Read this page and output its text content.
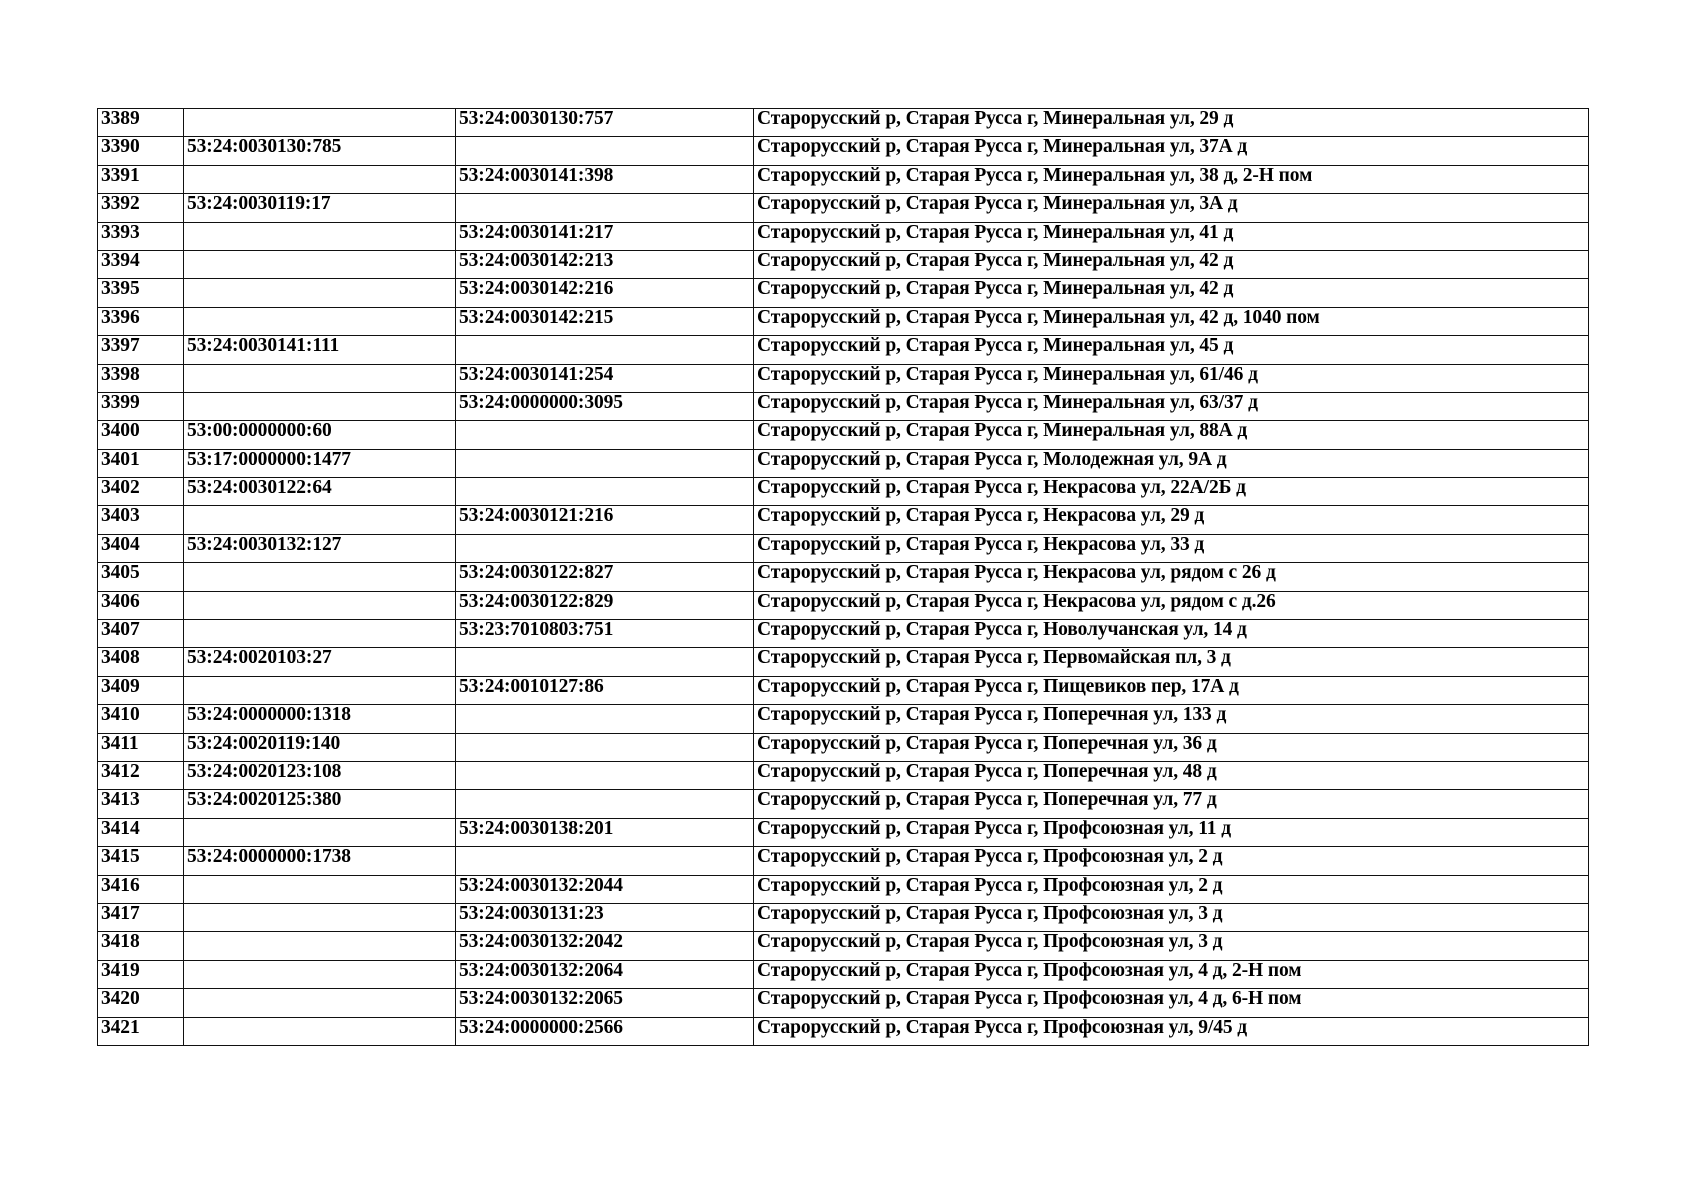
3389		53:24:0030130:757	Старорусский р, Старая Русса г, Минеральная ул, 29 д
3390	53:24:0030130:785		Старорусский р, Старая Русса г, Минеральная ул, 37А д
3391		53:24:0030141:398	Старорусский р, Старая Русса г, Минеральная ул, 38 д, 2-Н пом
3392	53:24:0030119:17		Старорусский р, Старая Русса г, Минеральная ул, 3А д
3393		53:24:0030141:217	Старорусский р, Старая Русса г, Минеральная ул, 41 д
3394		53:24:0030142:213	Старорусский р, Старая Русса г, Минеральная ул, 42 д
3395		53:24:0030142:216	Старорусский р, Старая Русса г, Минеральная ул, 42 д
3396		53:24:0030142:215	Старорусский р, Старая Русса г, Минеральная ул, 42 д, 1040 пом
3397	53:24:0030141:111		Старорусский р, Старая Русса г, Минеральная ул, 45 д
3398		53:24:0030141:254	Старорусский р, Старая Русса г, Минеральная ул, 61/46 д
3399		53:24:0000000:3095	Старорусский р, Старая Русса г, Минеральная ул, 63/37 д
3400	53:00:0000000:60		Старорусский р, Старая Русса г, Минеральная ул, 88А д
3401	53:17:0000000:1477		Старорусский р, Старая Русса г, Молодежная ул, 9А д
3402	53:24:0030122:64		Старорусский р, Старая Русса г, Некрасова ул, 22А/2Б д
3403		53:24:0030121:216	Старорусский р, Старая Русса г, Некрасова ул, 29 д
3404	53:24:0030132:127		Старорусский р, Старая Русса г, Некрасова ул, 33 д
3405		53:24:0030122:827	Старорусский р, Старая Русса г, Некрасова ул, рядом с 26 д
3406		53:24:0030122:829	Старорусский р, Старая Русса г, Некрасова ул, рядом с д.26
3407		53:23:7010803:751	Старорусский р, Старая Русса г, Новолучанская ул, 14 д
3408	53:24:0020103:27		Старорусский р, Старая Русса г, Первомайская пл, 3 д
3409		53:24:0010127:86	Старорусский р, Старая Русса г, Пищевиков пер, 17А д
3410	53:24:0000000:1318		Старорусский р, Старая Русса г, Поперечная ул, 133 д
3411	53:24:0020119:140		Старорусский р, Старая Русса г, Поперечная ул, 36 д
3412	53:24:0020123:108		Старорусский р, Старая Русса г, Поперечная ул, 48 д
3413	53:24:0020125:380		Старорусский р, Старая Русса г, Поперечная ул, 77 д
3414		53:24:0030138:201	Старорусский р, Старая Русса г, Профсоюзная ул, 11 д
3415	53:24:0000000:1738		Старорусский р, Старая Русса г, Профсоюзная ул, 2 д
3416		53:24:0030132:2044	Старорусский р, Старая Русса г, Профсоюзная ул, 2 д
3417		53:24:0030131:23	Старорусский р, Старая Русса г, Профсоюзная ул, 3 д
3418		53:24:0030132:2042	Старорусский р, Старая Русса г, Профсоюзная ул, 3 д
3419		53:24:0030132:2064	Старорусский р, Старая Русса г, Профсоюзная ул, 4 д, 2-Н пом
3420		53:24:0030132:2065	Старорусский р, Старая Русса г, Профсоюзная ул, 4 д, 6-Н пом
3421		53:24:0000000:2566	Старорусский р, Старая Русса г, Профсоюзная ул, 9/45 д
